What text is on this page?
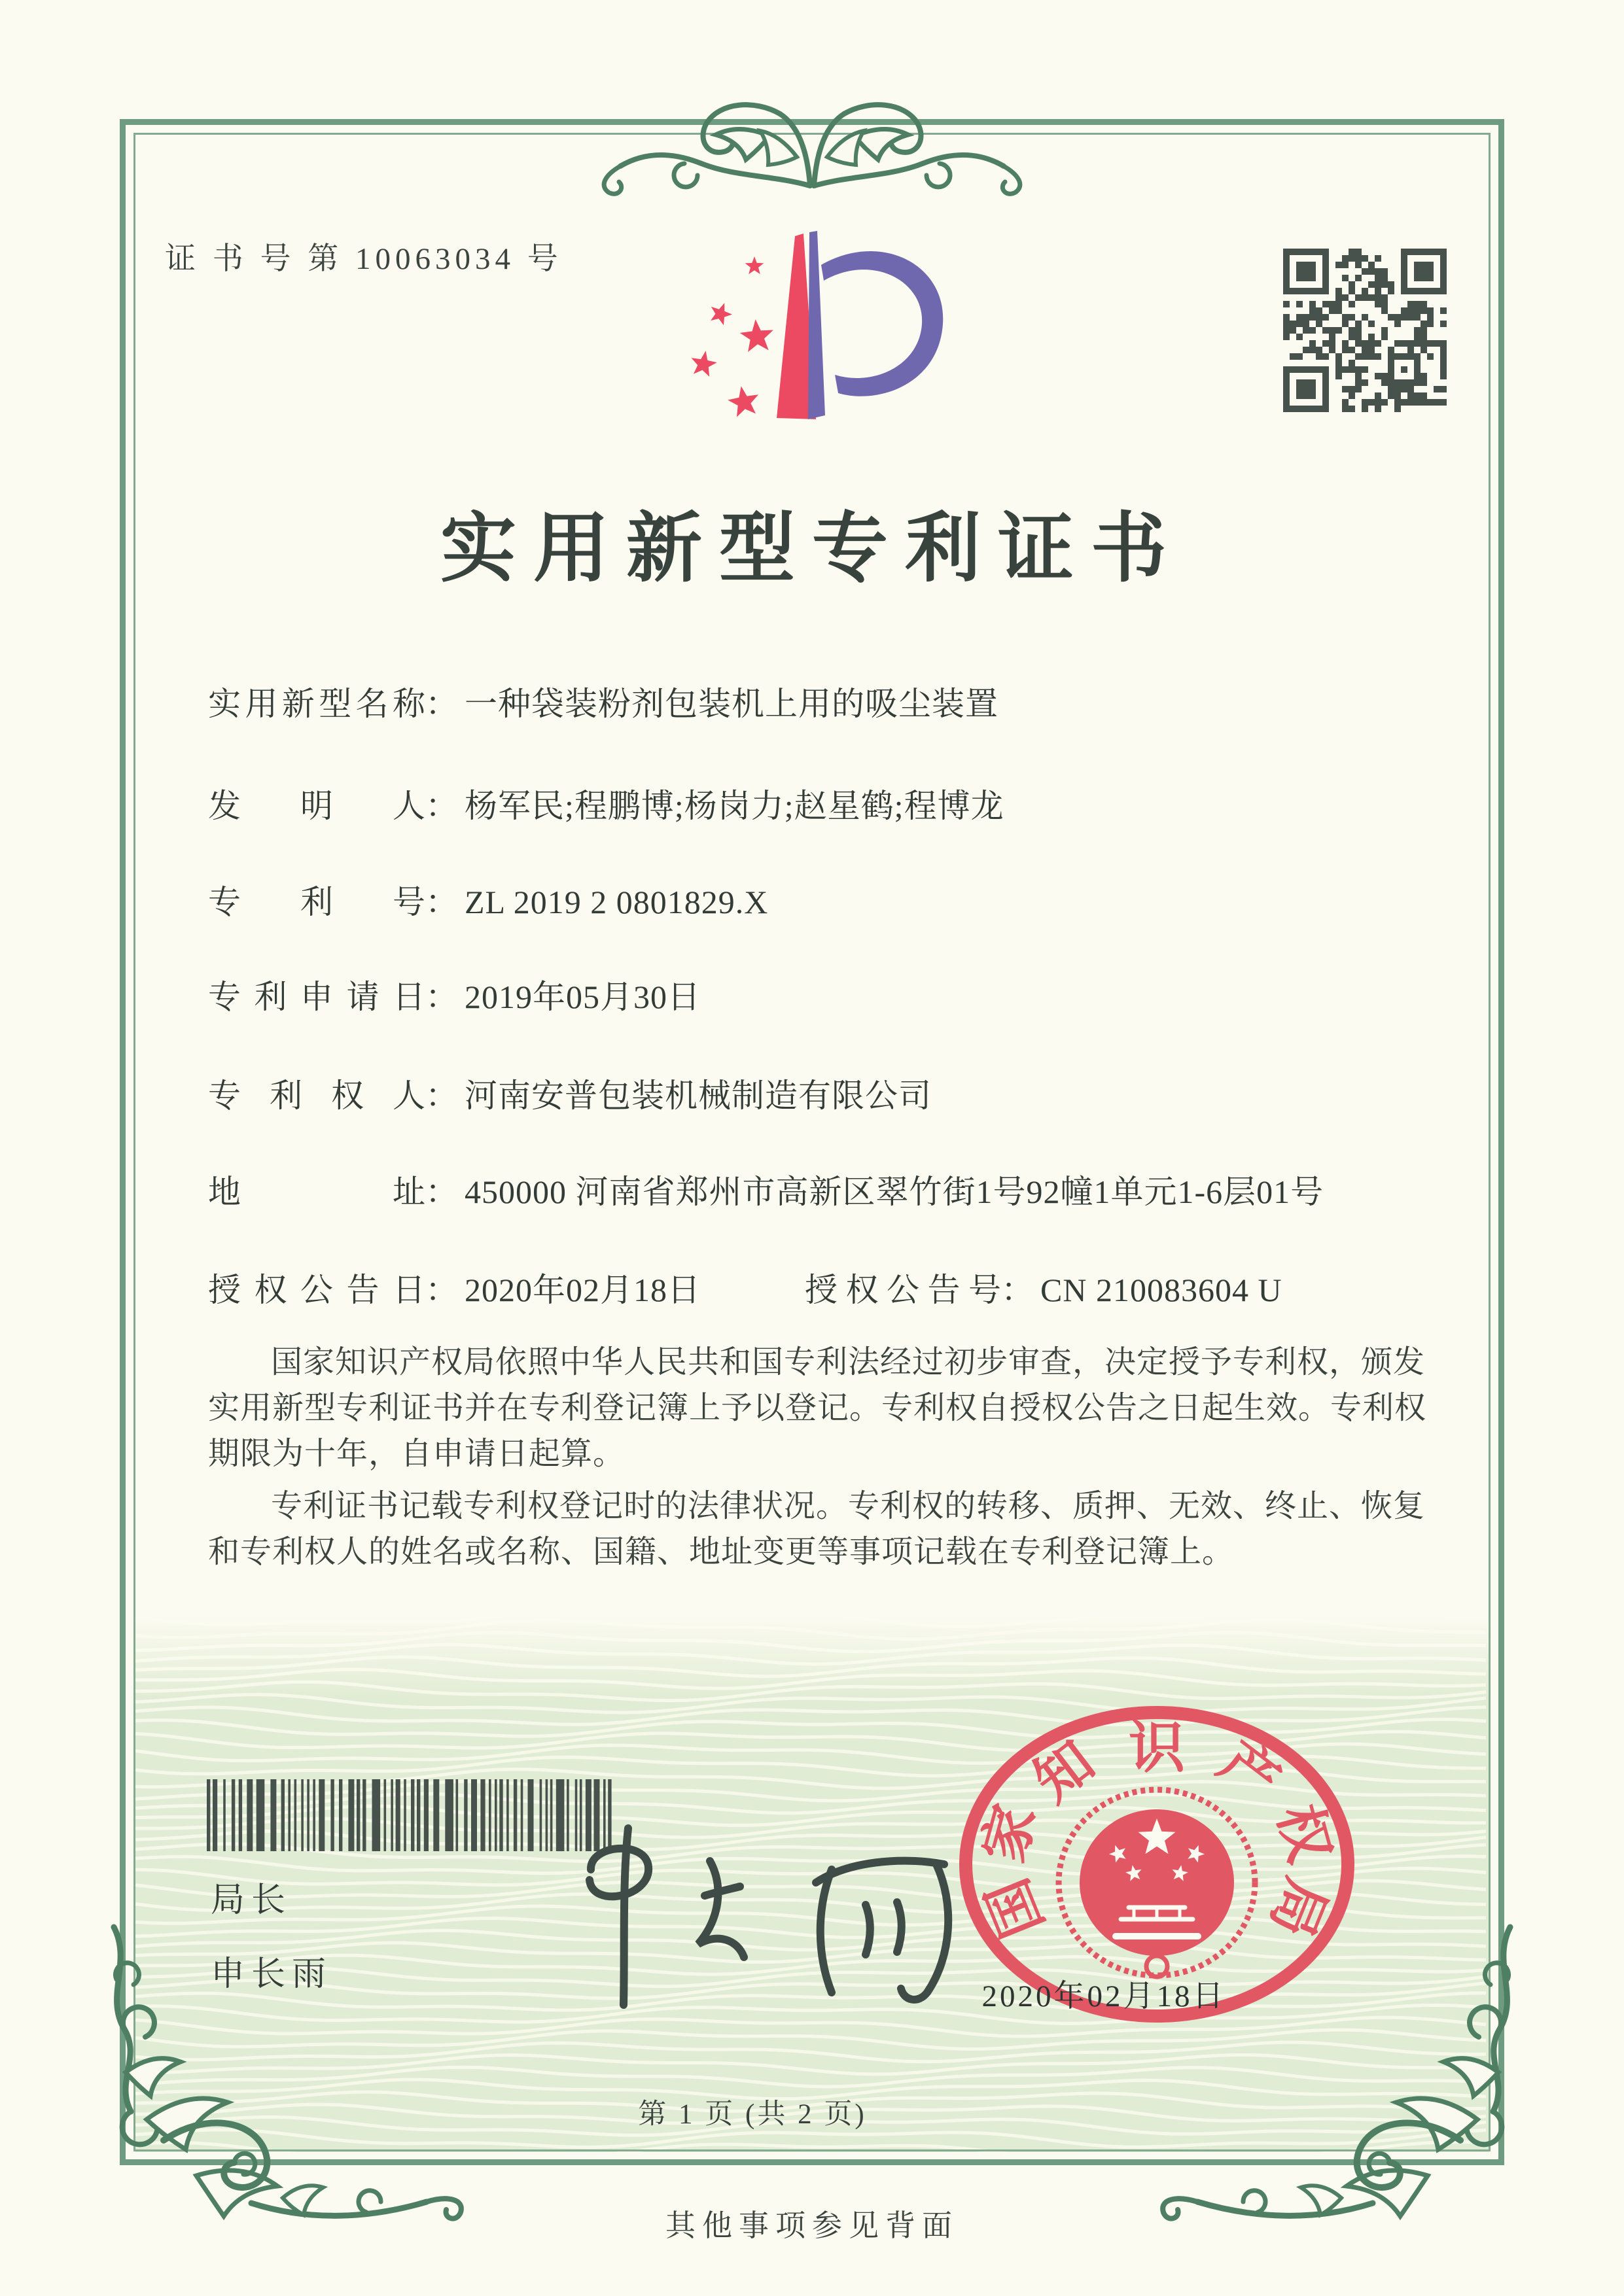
证 书 号 第 10063034 号
实用新型专利证书
实用新型名称： 一种袋装粉剂包装机上用的吸尘装置
发明人： 杨军民;程鹏博;杨岗力;赵星鹤;程博龙
专利号： ZL 2019 2 0801829.X
专利申请日： 2019年05月30日
专利权人： 河南安普包装机械制造有限公司
地址： 450000 河南省郑州市高新区翠竹街1号92幢1单元1-6层01号
授权公告日： 2020年02月18日	授权公告号： CN 210083604 U

国家知识产权局依照中华人民共和国专利法经过初步审查，决定授予专利权，颁发实用新型专利证书并在专利登记簿上予以登记。专利权自授权公告之日起生效。专利权期限为十年，自申请日起算。

专利证书记载专利权登记时的法律状况。专利权的转移、质押、无效、终止、恢复和专利权人的姓名或名称、国籍、地址变更等事项记载在专利登记簿上。

局长
申长雨
国
家
知 识 产
权
局
2020年02月18日
第 1 页 (共 2 页)
其他事项参见背面
